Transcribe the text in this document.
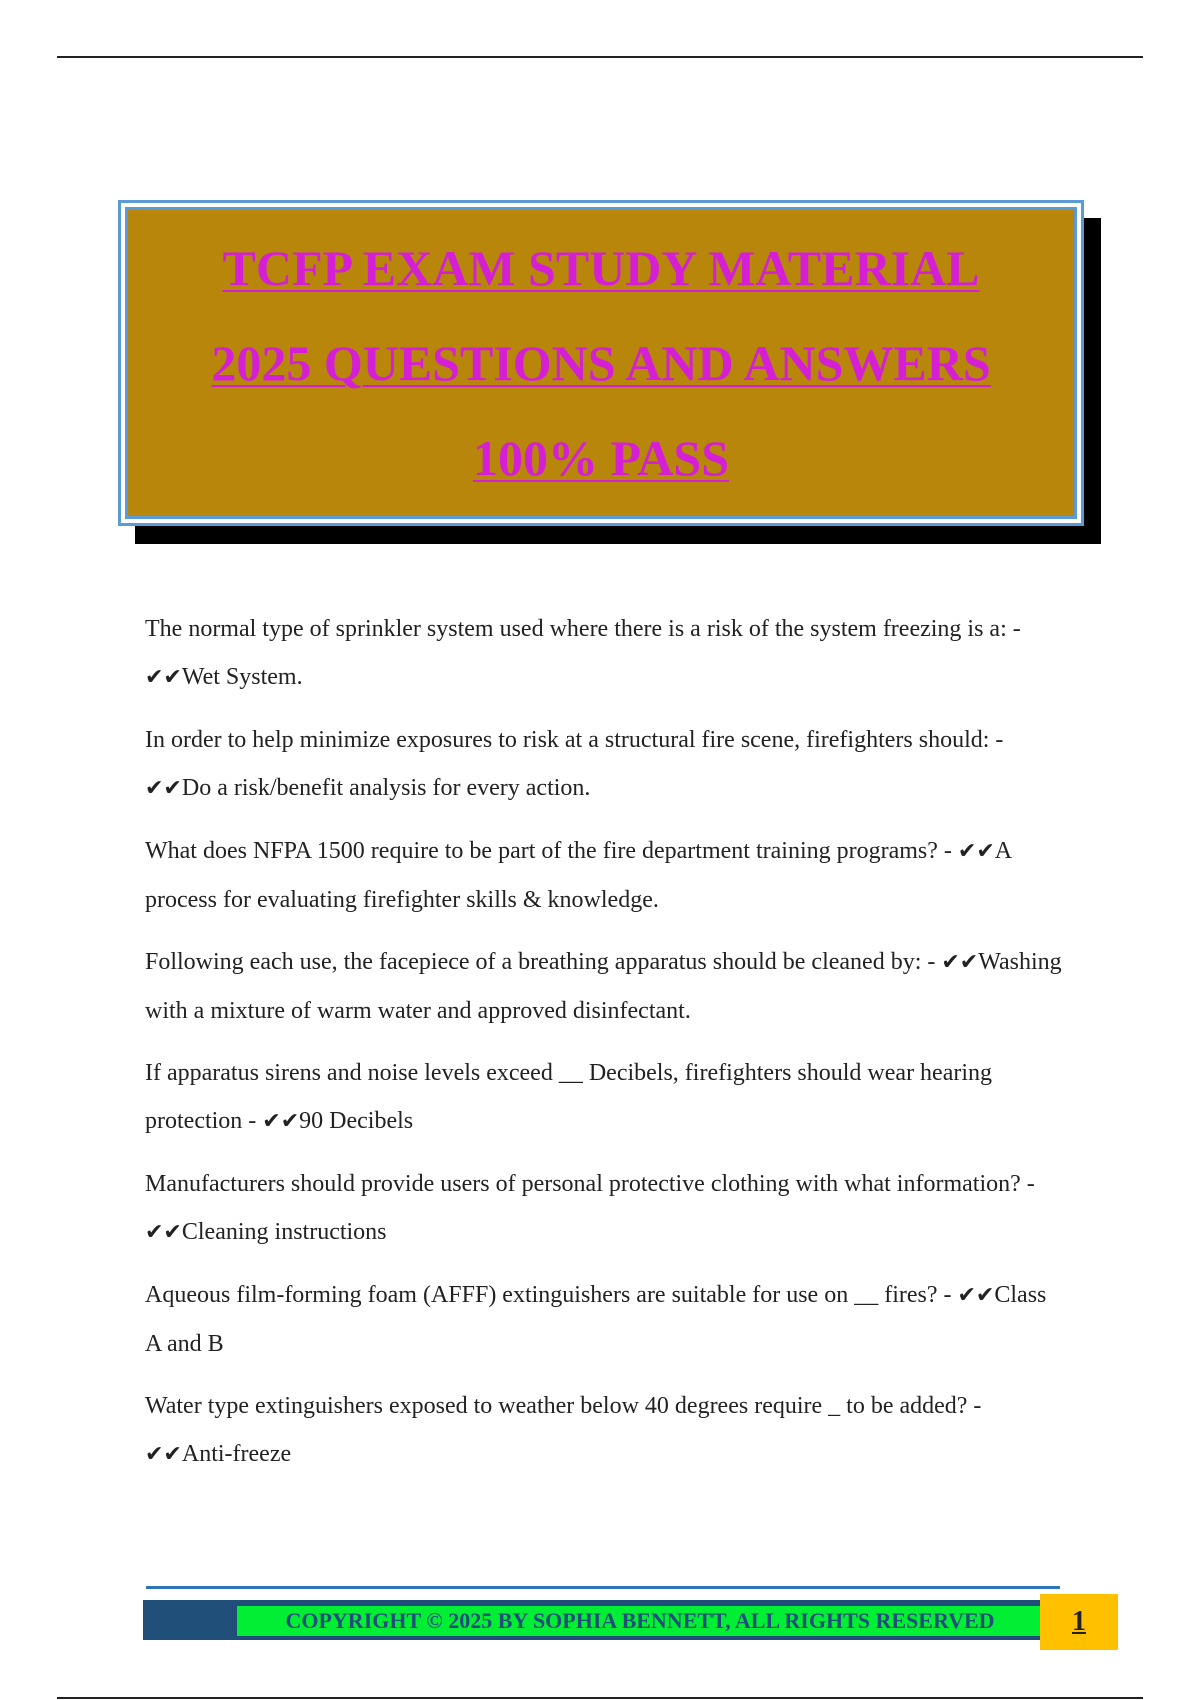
TCFP EXAM STUDY MATERIAL
2025 QUESTIONS AND ANSWERS
100% PASS

The normal type of sprinkler system used where there is a risk of the system freezing is a: - ✔✔Wet System.

In order to help minimize exposures to risk at a structural fire scene, firefighters should: - ✔✔Do a risk/benefit analysis for every action.

What does NFPA 1500 require to be part of the fire department training programs? - ✔✔A process for evaluating firefighter skills & knowledge.

Following each use, the facepiece of a breathing apparatus should be cleaned by: - ✔✔Washing with a mixture of warm water and approved disinfectant.

If apparatus sirens and noise levels exceed __ Decibels, firefighters should wear hearing protection - ✔✔90 Decibels

Manufacturers should provide users of personal protective clothing with what information? - ✔✔Cleaning instructions

Aqueous film-forming foam (AFFF) extinguishers are suitable for use on __ fires? - ✔✔Class A and B

Water type extinguishers exposed to weather below 40 degrees require _ to be added? - ✔✔Anti-freeze

COPYRIGHT © 2025 BY SOPHIA BENNETT, ALL RIGHTS RESERVED	1
